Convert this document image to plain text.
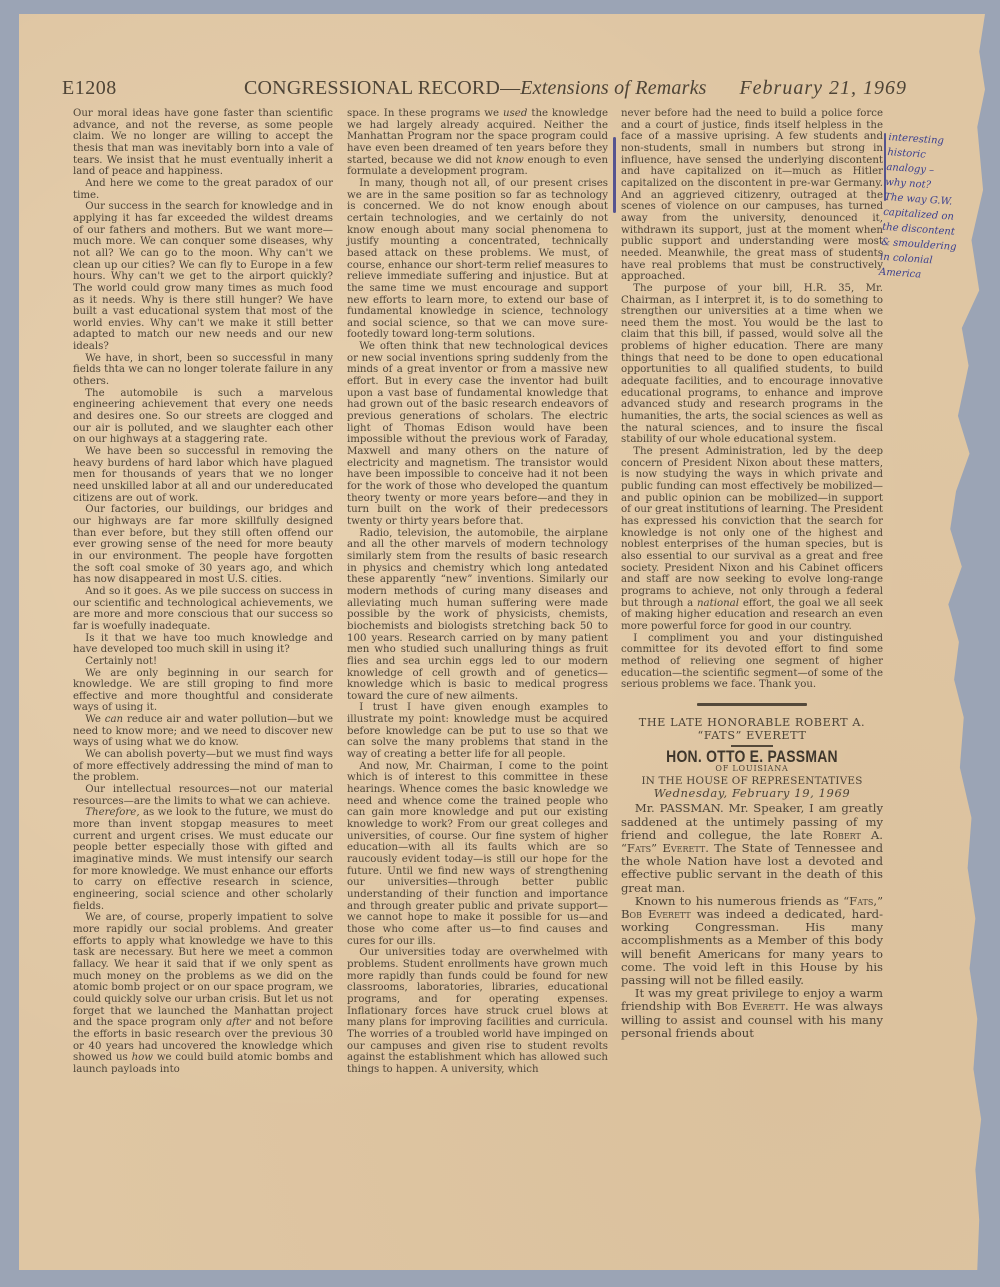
E1208	CONGRESSIONAL RECORD—Extensions of Remarks February 21, 1969

Our moral ideas have gone faster than scientific advance, and not the reverse, as some people claim. We no longer are willing to accept the thesis that man was inevitably born into a vale of tears. We insist that he must eventually inherit a land of peace and happiness.

And here we come to the great paradox of our time.

Our success in the search for knowledge and in applying it has far exceeded the wildest dreams of our fathers and mothers. But we want more—much more. We can conquer some diseases, why not all? We can go to the moon. Why can't we clean up our cities? We can fly to Europe in a few hours. Why can't we get to the airport quickly? The world could grow many times as much food as it needs. Why is there still hunger? We have built a vast educational system that most of the world envies. Why can't we make it still better adapted to match our new needs and our new ideals?

We have, in short, been so successful in many fields thta we can no longer tolerate failure in any others.

The automobile is such a marvelous engineering achievement that every one needs and desires one. So our streets are clogged and our air is polluted, and we slaughter each other on our highways at a staggering rate.

We have been so successful in removing the heavy burdens of hard labor which have plagued men for thousands of years that we no longer need unskilled labor at all and our undereducated citizens are out of work.

Our factories, our buildings, our bridges and our highways are far more skillfully designed than ever before, but they still often offend our ever growing sense of the need for more beauty in our environment. The people have forgotten the soft coal smoke of 30 years ago, and which has now disappeared in most U.S. cities.

And so it goes. As we pile success on success in our scientific and technological achievements, we are more and more conscious that our success so far is woefully inadequate.

Is it that we have too much knowledge and have developed too much skill in using it?

Certainly not!

We are only beginning in our search for knowledge. We are still groping to find more effective and more thoughtful and considerate ways of using it.

We can reduce air and water pollution—but we need to know more; and we need to discover new ways of using what we do know.

We can abolish poverty—but we must find ways of more effectively addressing the mind of man to the problem.

Our intellectual resources—not our material resources—are the limits to what we can achieve.

Therefore, as we look to the future, we must do more than invent stopgap measures to meet current and urgent crises. We must educate our people better especially those with gifted and imaginative minds. We must intensify our search for more knowledge. We must enhance our efforts to carry on effective research in science, engineering, social science and other scholarly fields.

We are, of course, properly impatient to solve more rapidly our social problems. And greater efforts to apply what knowledge we have to this task are necessary. But here we meet a common fallacy. We hear it said that if we only spent as much money on the problems as we did on the atomic bomb project or on our space program, we could quickly solve our urban crisis. But let us not forget that we launched the Manhattan project and the space program only after and not before the efforts in basic research over the previous 30 or 40 years had uncovered the knowledge which showed us how we could build atomic bombs and launch payloads into

space. In these programs we used the knowledge we had largely already acquired. Neither the Manhattan Program nor the space program could have even been dreamed of ten years before they started, because we did not know enough to even formulate a development program.

In many, though not all, of our present crises we are in the same position so far as technology is concerned. We do not know enough about certain technologies, and we certainly do not know enough about many social phenomena to justify mounting a concentrated, technically based attack on these problems. We must, of course, enhance our short-term relief measures to relieve immediate suffering and injustice. But at the same time we must encourage and support new efforts to learn more, to extend our base of fundamental knowledge in science, technology and social science, so that we can move sure-footedly toward long-term solutions.

We often think that new technological devices or new social inventions spring suddenly from the minds of a great inventor or from a massive new effort. But in every case the inventor had built upon a vast base of fundamental knowledge that had grown out of the basic research endeavors of previous generations of scholars. The electric light of Thomas Edison would have been impossible without the previous work of Faraday, Maxwell and many others on the nature of electricity and magnetism. The transistor would have been impossible to conceive had it not been for the work of those who developed the quantum theory twenty or more years before—and they in turn built on the work of their predecessors twenty or thirty years before that.

Radio, television, the automobile, the airplane and all the other marvels of modern technology similarly stem from the results of basic research in physics and chemistry which long antedated these apparently “new” inventions. Similarly our modern methods of curing many diseases and alleviating much human suffering were made possible by the work of physicists, chemists, biochemists and biologists stretching back 50 to 100 years. Research carried on by many patient men who studied such unalluring things as fruit flies and sea urchin eggs led to our modern knowledge of cell growth and of genetics—knowledge which is basic to medical progress toward the cure of new ailments.

I trust I have given enough examples to illustrate my point: knowledge must be acquired before knowledge can be put to use so that we can solve the many problems that stand in the way of creating a better life for all people.

And now, Mr. Chairman, I come to the point which is of interest to this committee in these hearings. Whence comes the basic knowledge we need and whence come the trained people who can gain more knowledge and put our existing knowledge to work? From our great colleges and universities, of course. Our fine system of higher education—with all its faults which are so raucously evident today—is still our hope for the future. Until we find new ways of strengthening our universities—through better public understanding of their function and importance and through greater public and private support—we cannot hope to make it possible for us—and those who come after us—to find causes and cures for our ills.

Our universities today are overwhelmed with problems. Student enrollments have grown much more rapidly than funds could be found for new classrooms, laboratories, libraries, educational programs, and for operating expenses. Inflationary forces have struck cruel blows at many plans for improving facilities and curricula. The worries of a troubled world have impinged on our campuses and given rise to student revolts against the establishment which has allowed such things to happen. A university, which

never before had the need to build a police force and a court of justice, finds itself helpless in the face of a massive uprising. A few students and non-students, small in numbers but strong in influence, have sensed the underlying discontent and have capitalized on it—much as Hitler capitalized on the discontent in pre-war Germany. And an aggrieved citizenry, outraged at the scenes of violence on our campuses, has turned away from the university, denounced it, withdrawn its support, just at the moment when public support and understanding were most needed. Meanwhile, the great mass of students have real problems that must be constructively approached.

The purpose of your bill, H.R. 35, Mr. Chairman, as I interpret it, is to do something to strengthen our universities at a time when we need them the most. You would be the last to claim that this bill, if passed, would solve all the problems of higher education. There are many things that need to be done to open educational opportunities to all qualified students, to build adequate facilities, and to encourage innovative educational programs, to enhance and improve advanced study and research programs in the humanities, the arts, the social sciences as well as the natural sciences, and to insure the fiscal stability of our whole educational system.

The present Administration, led by the deep concern of President Nixon about these matters, is now studying the ways in which private and public funding can most effectively be mobilized—and public opinion can be mobilized—in support of our great institutions of learning. The President has expressed his conviction that the search for knowledge is not only one of the highest and noblest enterprises of the human species, but is also essential to our survival as a great and free society. President Nixon and his Cabinet officers and staff are now seeking to evolve long-range programs to achieve, not only through a federal but through a national effort, the goal we all seek of making higher education and research an even more powerful force for good in our country.

I compliment you and your distinguished committee for its devoted effort to find some method of relieving one segment of higher education—the scientific segment—of some of the serious problems we face. Thank you.

THE LATE HONORABLE ROBERT A.
“FATS” EVERETT
HON. OTTO E. PASSMAN
OF LOUISIANA
IN THE HOUSE OF REPRESENTATIVES
Wednesday, February 19, 1969

Mr. PASSMAN. Mr. Speaker, I am greatly saddened at the untimely passing of my friend and collegue, the late Robert A. “Fats” Everett. The State of Tennessee and the whole Nation have lost a devoted and effective public servant in the death of this great man.

Known to his numerous friends as “Fats,” Bob Everett was indeed a dedicated, hard-working Congressman. His many accomplishments as a Member of this body will benefit Americans for many years to come. The void left in this House by his passing will not be filled easily.

It was my great privilege to enjoy a warm friendship with Bob Everett. He was always willing to assist and counsel with his many personal friends about

interesting
historic
analogy –
why not?
The way G.W.
capitalized on
the discontent
& smouldering
in colonial
America
